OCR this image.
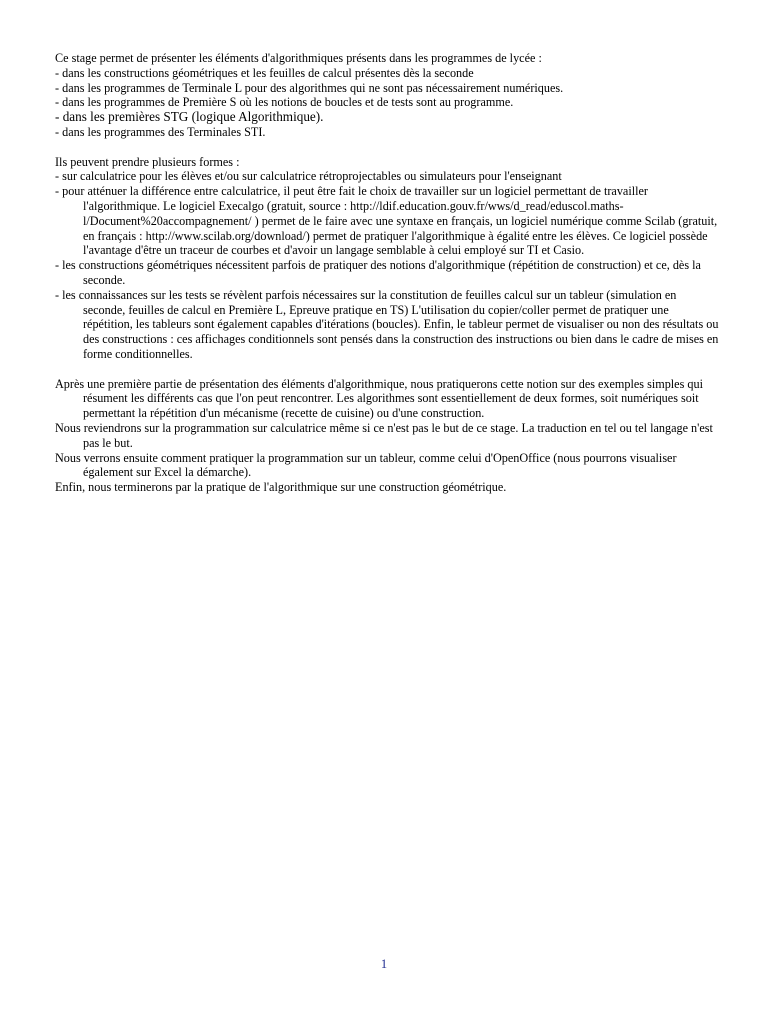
Ce stage permet de présenter les éléments d'algorithmiques présents dans les programmes de lycée :

- dans les constructions géométriques et les feuilles de calcul présentes dès la seconde

- dans les programmes de Terminale L pour des algorithmes qui ne sont pas nécessairement numériques.

- dans les programmes de Première S où les notions de boucles et de tests sont au programme.

- dans les premières STG (logique Algorithmique).

- dans les programmes des Terminales STI.

Ils peuvent prendre plusieurs formes :

- sur calculatrice pour les élèves et/ou sur calculatrice rétroprojectables ou simulateurs pour l'enseignant

- pour atténuer la différence entre calculatrice, il peut être fait le choix de travailler sur un logiciel permettant de travailler l'algorithmique. Le logiciel Execalgo (gratuit, source : http://ldif.education.gouv.fr/wws/d_read/eduscol.maths-l/Document%20accompagnement/ ) permet de le faire avec une syntaxe en français, un logiciel numérique comme Scilab (gratuit, en français : http://www.scilab.org/download/) permet de pratiquer l'algorithmique à égalité entre les élèves. Ce logiciel possède l'avantage d'être un traceur de courbes et d'avoir un langage semblable à celui employé sur TI et Casio.

- les constructions géométriques nécessitent parfois de pratiquer des notions d'algorithmique (répétition de construction) et ce, dès la seconde.

- les connaissances sur les tests se révèlent parfois nécessaires sur la constitution de feuilles calcul sur un tableur (simulation en seconde, feuilles de calcul en Première L, Epreuve pratique en TS) L'utilisation du copier/coller permet de pratiquer une répétition, les tableurs sont également capables d'itérations (boucles). Enfin, le tableur permet de visualiser ou non des résultats ou des constructions : ces affichages conditionnels sont pensés dans la construction des instructions ou bien dans le cadre de mises en forme conditionnelles.

Après une première partie de présentation des éléments d'algorithmique, nous pratiquerons cette notion sur des exemples simples qui résument les différents cas que l'on peut rencontrer. Les algorithmes sont essentiellement de deux formes, soit numériques soit permettant la répétition d'un mécanisme (recette de cuisine) ou d'une construction.

Nous reviendrons sur la programmation sur calculatrice même si ce n'est pas le but de ce stage. La traduction en tel ou tel langage n'est pas le but.

Nous verrons ensuite comment pratiquer la programmation sur un tableur, comme celui d'OpenOffice (nous pourrons visualiser également sur Excel la démarche).

Enfin, nous terminerons par la pratique de l'algorithmique sur une construction géométrique.

1
